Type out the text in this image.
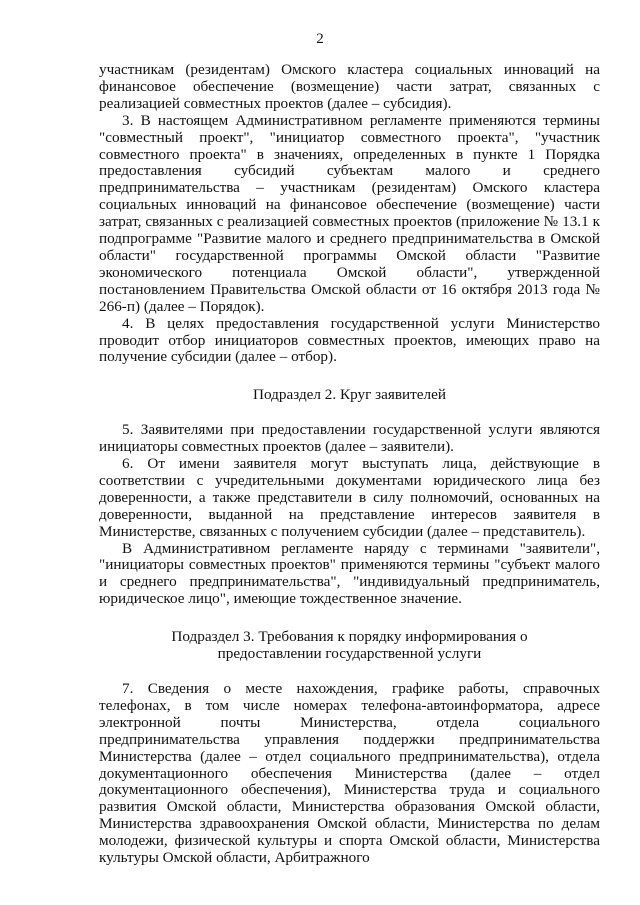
2

участникам (резидентам) Омского кластера социальных инноваций на финансовое обеспечение (возмещение) части затрат, связанных с реализацией совместных проектов (далее – субсидия).

3. В настоящем Административном регламенте применяются термины "совместный проект", "инициатор совместного проекта", "участник совместного проекта" в значениях, определенных в пункте 1 Порядка предоставления субсидий субъектам малого и среднего предпринимательства – участникам (резидентам) Омского кластера социальных инноваций на финансовое обеспечение (возмещение) части затрат, связанных с реализацией совместных проектов (приложение № 13.1 к подпрограмме "Развитие малого и среднего предпринимательства в Омской области" государственной программы Омской области "Развитие экономического потенциала Омской области", утвержденной постановлением Правительства Омской области от 16 октября 2013 года № 266-п) (далее – Порядок).

4. В целях предоставления государственной услуги Министерство проводит отбор инициаторов совместных проектов, имеющих право на получение субсидии (далее – отбор).

Подраздел 2. Круг заявителей

5. Заявителями при предоставлении государственной услуги являются инициаторы совместных проектов (далее – заявители).

6. От имени заявителя могут выступать лица, действующие в соответствии с учредительными документами юридического лица без доверенности, а также представители в силу полномочий, основанных на доверенности, выданной на представление интересов заявителя в Министерстве, связанных с получением субсидии (далее – представитель).

В Административном регламенте наряду с терминами "заявители", "инициаторы совместных проектов" применяются термины "субъект малого и среднего предпринимательства", "индивидуальный предприниматель, юридическое лицо", имеющие тождественное значение.

Подраздел 3. Требования к порядку информирования о
предоставлении государственной услуги

7. Сведения о месте нахождения, графике работы, справочных телефонах, в том числе номерах телефона-автоинформатора, адресе электронной почты Министерства, отдела социального предпринимательства управления поддержки предпринимательства Министерства (далее – отдел социального предпринимательства), отдела документационного обеспечения Министерства (далее – отдел документационного обеспечения), Министерства труда и социального развития Омской области, Министерства образования Омской области, Министерства здравоохранения Омской области, Министерства по делам молодежи, физической культуры и спорта Омской области, Министерства культуры Омской области, Арбитражного
